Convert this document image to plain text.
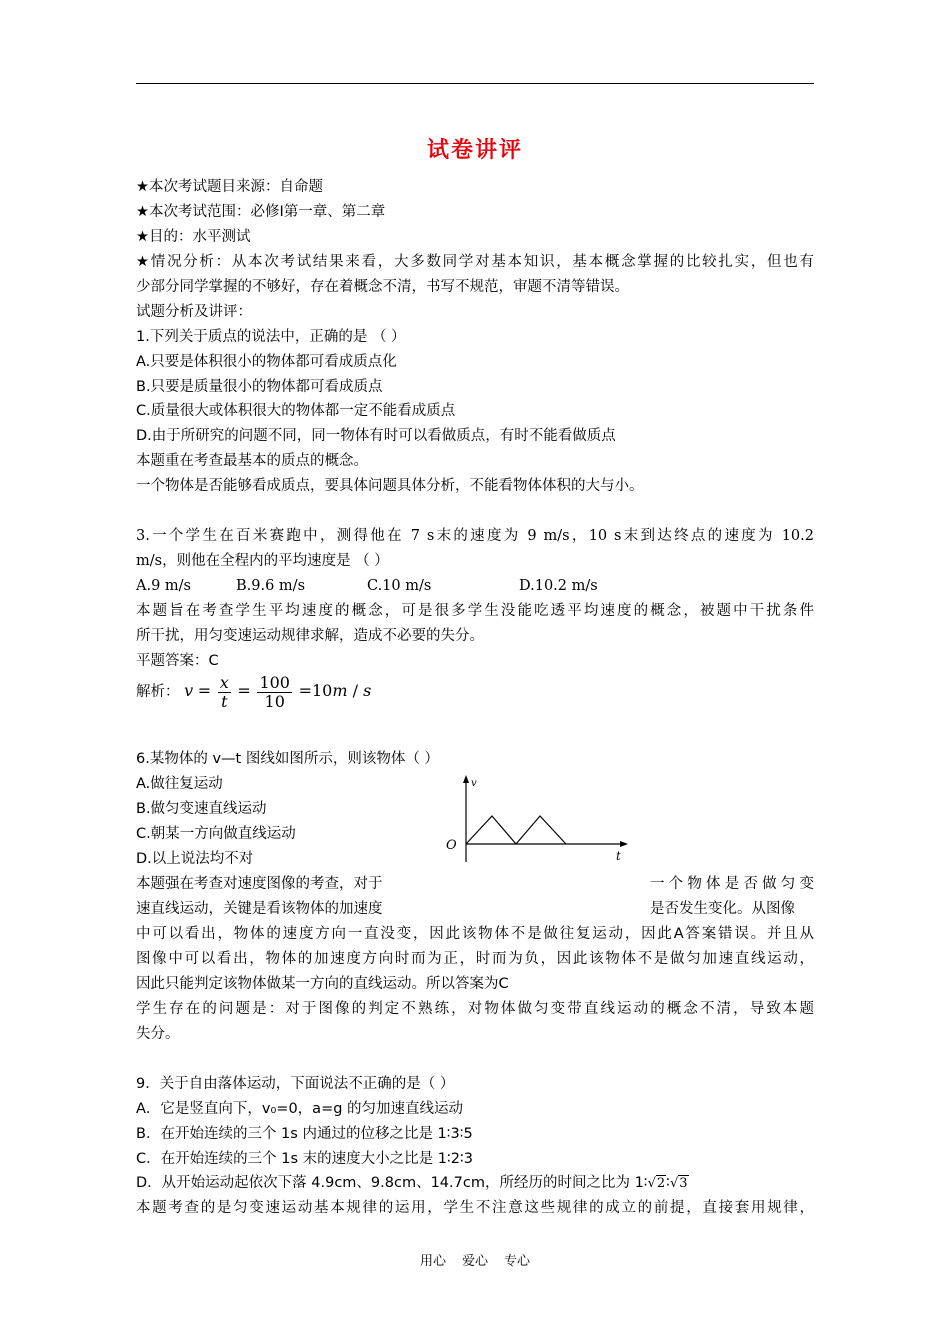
试卷讲评
★本次考试题目来源：自命题
★本次考试范围：必修Ⅰ第一章、第二章
★目的：水平测试
★情况分析：从本次考试结果来看，大多数同学对基本知识，基本概念掌握的比较扎实，但也有
少部分同学掌握的不够好，存在着概念不清，书写不规范，审题不清等错误。
试题分析及讲评：
1.下列关于质点的说法中，正确的是 （ ）
A.只要是体积很小的物体都可看成质点化
B.只要是质量很小的物体都可看成质点
C.质量很大或体积很大的物体都一定不能看成质点
D.由于所研究的问题不同，同一物体有时可以看做质点，有时不能看做质点
本题重在考查最基本的质点的概念。
一个物体是否能够看成质点，要具体问题具体分析，不能看物体体积的大与小。
3.一个学生在百米赛跑中，测得他在 7 s末的速度为 9 m/s，10 s末到达终点的速度为 10.2
m/s，则他在全程内的平均速度是 （ ）
A.9 m/s	B.9.6 m/s	C.10 m/s	D.10.2 m/s
本题旨在考查学生平均速度的概念，可是很多学生没能吃透平均速度的概念，被题中干扰条件
所干扰，用匀变速运动规律求解，造成不必要的失分。
平题答案：C
解析： $v = \frac{x}{t} = \frac{100}{10} =10m / s$
6.某物体的 v—t 图线如图所示，则该物体（ ）
A.做往复运动
B.做匀变速直线运动
C.朝某一方向做直线运动
D.以上说法均不对
v
O
t
本题强在考查对速度图像的考查，对于	一个物体是否做匀变
速直线运动，关键是看该物体的加速度	是否发生变化。从图像
中可以看出，物体的速度方向一直没变，因此该物体不是做往复运动，因此A答案错误。并且从
图像中可以看出，物体的加速度方向时而为正，时而为负，因此该物体不是做匀加速直线运动，
因此只能判定该物体做某一方向的直线运动。所以答案为C
学生存在的问题是：对于图像的判定不熟练，对物体做匀变带直线运动的概念不清，导致本题
失分。
9．关于自由落体运动，下面说法不正确的是（ ）
A．它是竖直向下，v₀=0，a=g 的匀加速直线运动
B．在开始连续的三个 1s 内通过的位移之比是 1∶3∶5
C．在开始连续的三个 1s 末的速度大小之比是 1∶2∶3
D．从开始运动起依次下落 4.9cm、9.8cm、14.7cm，所经历的时间之比为 1∶√2∶√3
本题考查的是匀变速运动基本规律的运用，学生不注意这些规律的成立的前提，直接套用规律，
用心 爱心 专心
